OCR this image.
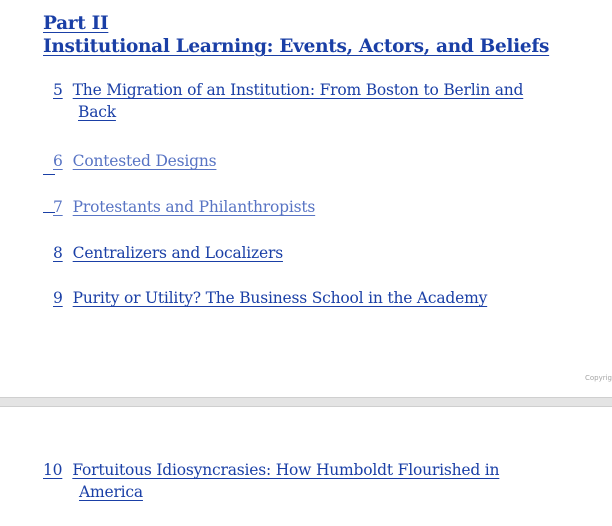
Part II
Institutional Learning: Events, Actors, and Beliefs
5 The Migration of an Institution: From Boston to Berlin and
Back
6 Contested Designs
7 Protestants and Philanthropists
8 Centralizers and Localizers
9 Purity or Utility? The Business School in the Academy
Copyrig
10 Fortuitous Idiosyncrasies: How Humboldt Flourished in
America
